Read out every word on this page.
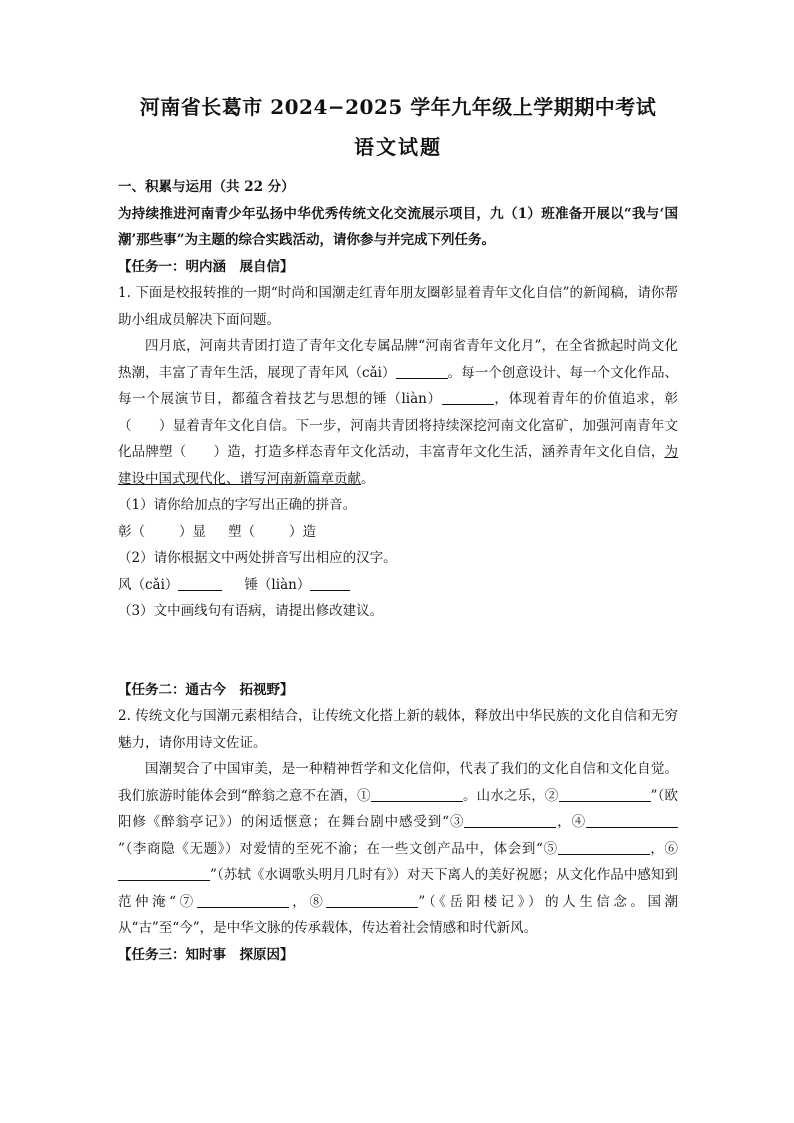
河南省长葛市 2024−2025 学年九年级上学期期中考试
语文试题

一、积累与运用（共 22 分）

为持续推进河南青少年弘扬中华优秀传统文化交流展示项目，九（1）班准备开展以“我与‘国潮’那些事”为主题的综合实践活动，请你参与并完成下列任务。

【任务一：明内涵　展自信】

1. 下面是校报转推的一期“时尚和国潮走红青年朋友圈彰显着青年文化自信”的新闻稿，请你帮助小组成员解决下面问题。

四月底，河南共青团打造了青年文化专属品牌“河南省青年文化月”，在全省掀起时尚文化热潮，丰富了青年生活，展现了青年风（cǎi）	。每一个创意设计、每一个文化作品、每一个展演节目，都蕴含着技艺与思想的锤（liàn）	，体现着青年的价值追求，彰（　　）显着青年文化自信。下一步，河南共青团将持续深挖河南文化富矿，加强河南青年文化品牌塑（　　）造，打造多样态青年文化活动，丰富青年文化生活，涵养青年文化自信，为建设中国式现代化、谱写河南新篇章贡献。

（1）请你给加点的字写出正确的拼音。

彰（	）显 塑（	）造

（2）请你根据文中两处拼音写出相应的汉字。

风（cǎi）	锤（liàn）

（3）文中画线句有语病，请提出修改建议。

【任务二：通古今　拓视野】

2. 传统文化与国潮元素相结合，让传统文化搭上新的载体，释放出中华民族的文化自信和无穷魅力，请你用诗文佐证。

国潮契合了中国审美，是一种精神哲学和文化信仰，代表了我们的文化自信和文化自觉。我们旅游时能体会到“醉翁之意不在酒，①	。山水之乐，②	”（欧阳修《醉翁亭记》）的闲适惬意；在舞台剧中感受到“③	，④”（李商隐《无题》）对爱情的至死不渝；在一些文创产品中，体会到“⑤	，⑥”（苏轼《水调歌头明月几时有》）对天下离人的美好祝愿；从文化作品中感知到范仲淹“⑦	，⑧	”（《岳阳楼记》）的人生信念。国潮从“古”至“今”，是中华文脉的传承载体，传达着社会情感和时代新风。

【任务三：知时事　探原因】
